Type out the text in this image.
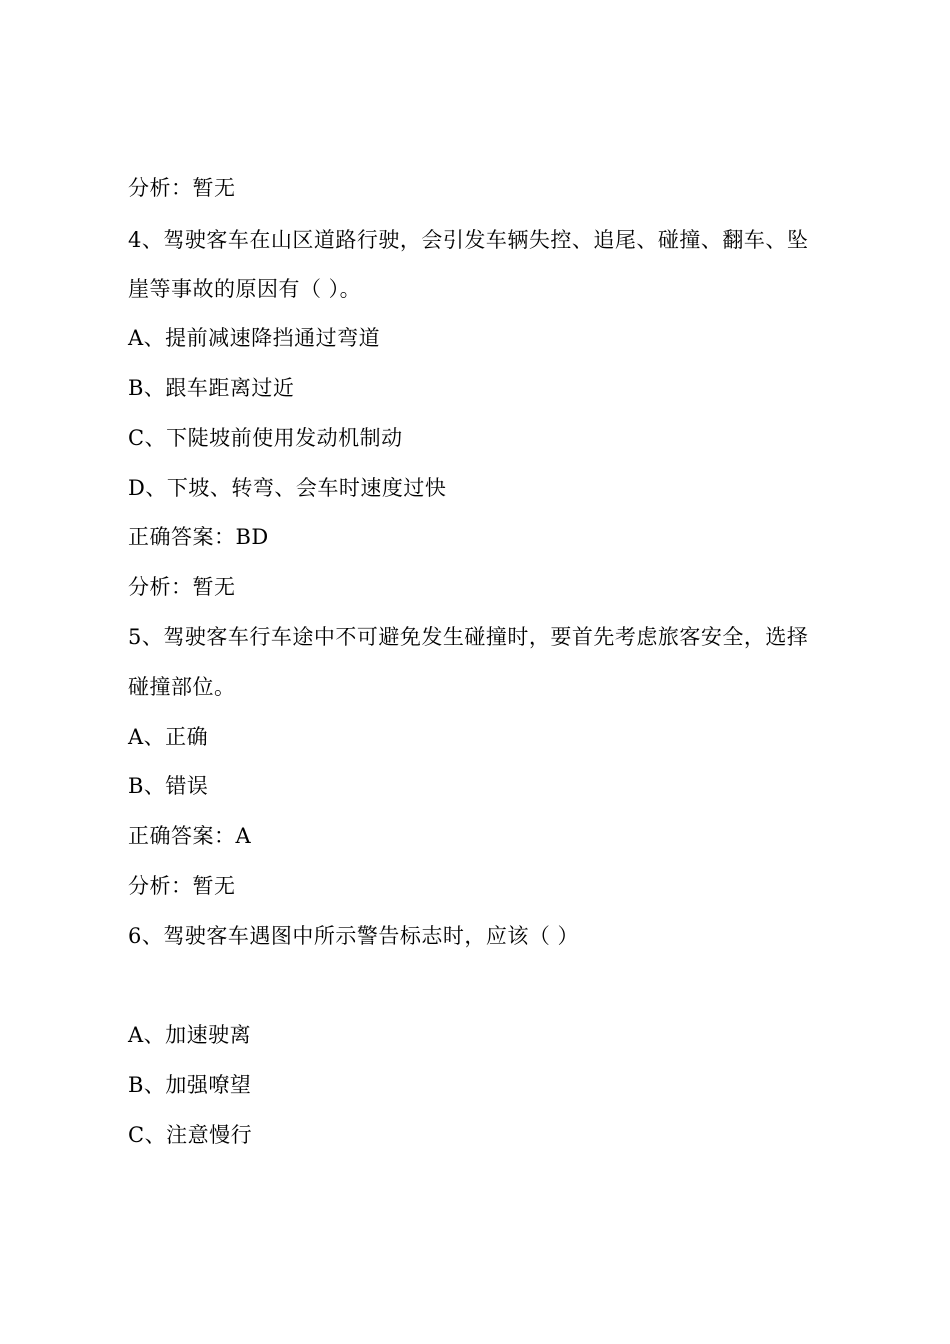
分析：暂无
4、驾驶客车在山区道路行驶，会引发车辆失控、追尾、碰撞、翻车、坠
崖等事故的原因有（ ）。
A、提前减速降挡通过弯道
B、跟车距离过近
C、下陡坡前使用发动机制动
D、下坡、转弯、会车时速度过快
正确答案：BD
分析：暂无
5、驾驶客车行车途中不可避免发生碰撞时，要首先考虑旅客安全，选择
碰撞部位。
A、正确
B、错误
正确答案：A
分析：暂无
6、驾驶客车遇图中所示警告标志时，应该（ ）
A、加速驶离
B、加强嘹望
C、注意慢行
